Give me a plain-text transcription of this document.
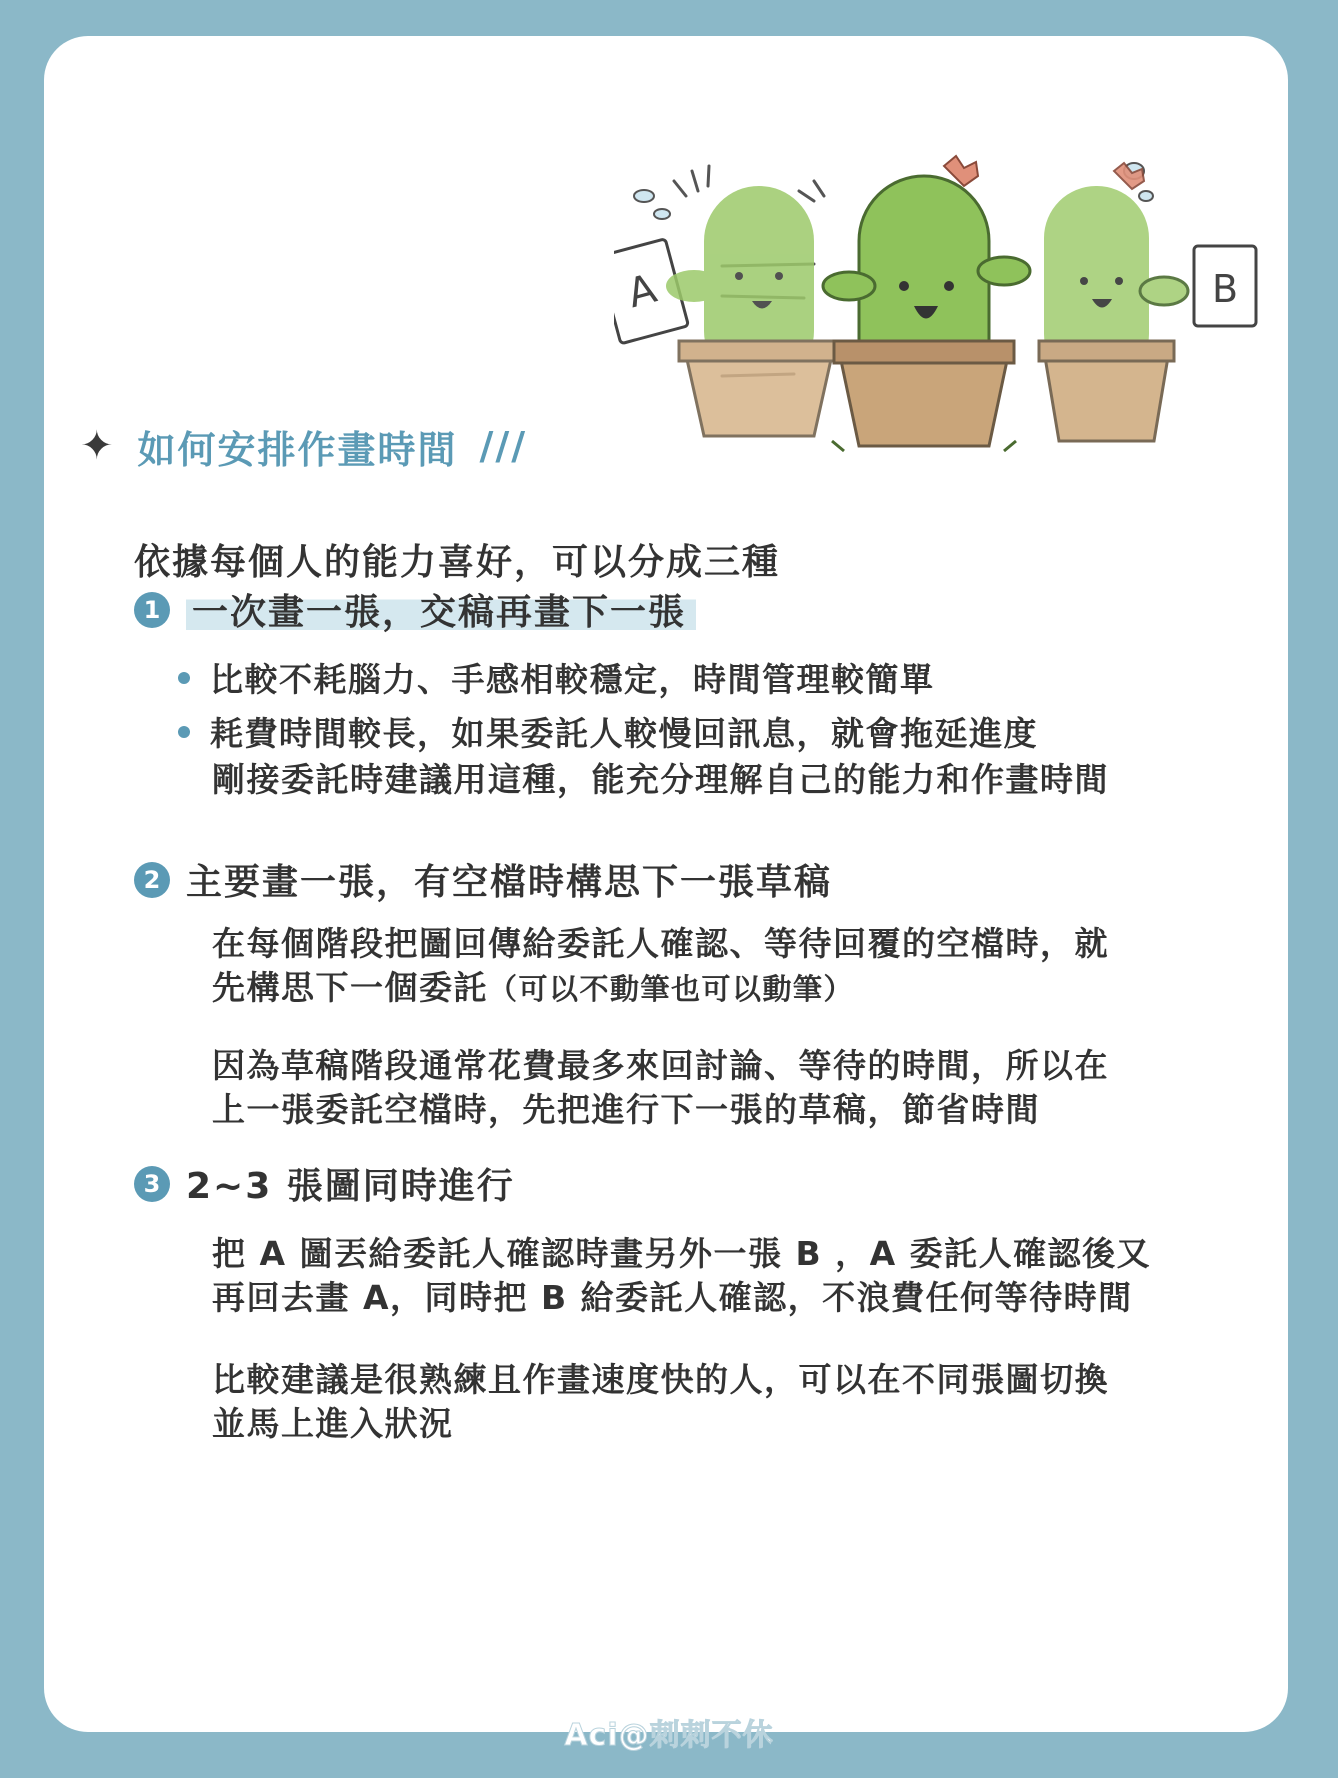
A	B
✦ 如何安排作畫時間 ///
依據每個人的能力喜好，可以分成三種
1 一次畫一張，交稿再畫下一張
比較不耗腦力、手感相較穩定，時間管理較簡單
耗費時間較長，如果委託人較慢回訊息，就會拖延進度
剛接委託時建議用這種，能充分理解自己的能力和作畫時間
2 主要畫一張，有空檔時構思下一張草稿
在每個階段把圖回傳給委託人確認、等待回覆的空檔時，就
先構思下一個委託（可以不動筆也可以動筆）
因為草稿階段通常花費最多來回討論、等待的時間，所以在
上一張委託空檔時，先把進行下一張的草稿，節省時間
3 2~3 張圖同時進行
把 A 圖丟給委託人確認時畫另外一張 B ，A 委託人確認後又
再回去畫 A，同時把 B 給委託人確認，不浪費任何等待時間
比較建議是很熟練且作畫速度快的人，可以在不同張圖切換
並馬上進入狀況
Aci@刺刺不休
